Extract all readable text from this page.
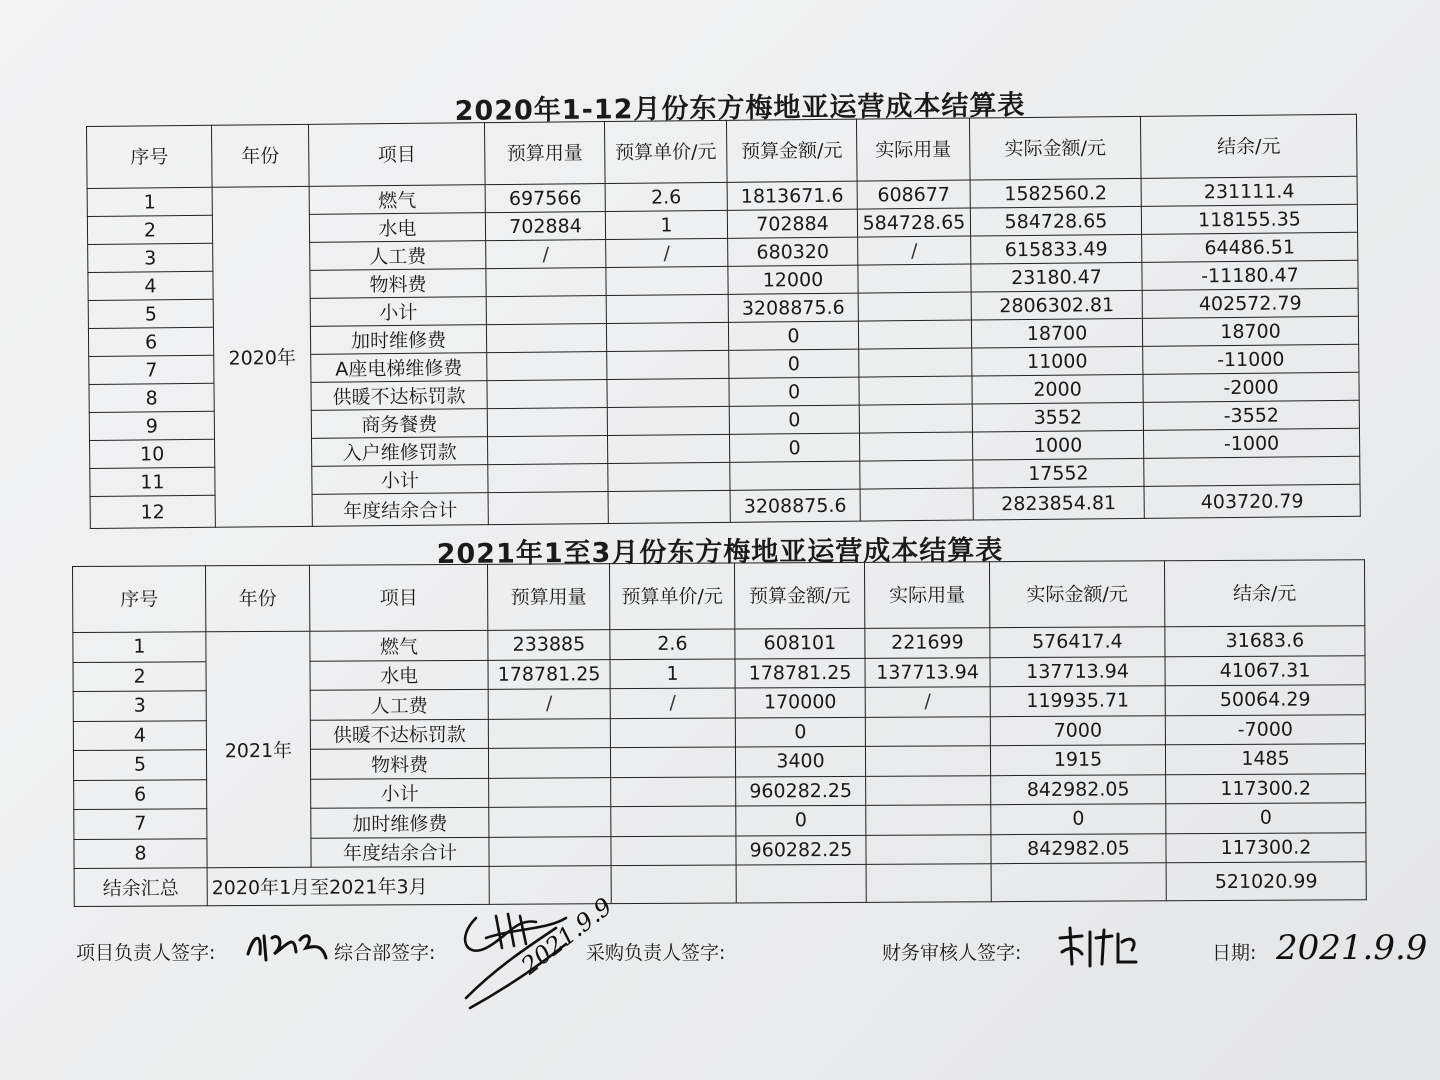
2020年1-12月份东方梅地亚运营成本结算表
序号	年份	项目	预算用量	预算单价/元	预算金额/元	实际用量	实际金额/元	结余/元
1	2020年	燃气	697566	2.6	1813671.6	608677	1582560.2	231111.4
2		水电	702884	1	702884	584728.65	584728.65	118155.35
3		人工费	/	/	680320	/	615833.49	64486.51
4		物料费			12000		23180.47	-11180.47
5		小计			3208875.6		2806302.81	402572.79
6		加时维修费			0		18700	18700
7		A座电梯维修费			0		11000	-11000
8		供暖不达标罚款			0		2000	-2000
9		商务餐费			0		3552	-3552
10		入户维修罚款			0		1000	-1000
11		小计					17552	
12		年度结余合计			3208875.6		2823854.81	403720.79
2021年1至3月份东方梅地亚运营成本结算表
序号	年份	项目	预算用量	预算单价/元	预算金额/元	实际用量	实际金额/元	结余/元
1	2021年	燃气	233885	2.6	608101	221699	576417.4	31683.6
2		水电	178781.25	1	178781.25	137713.94	137713.94	41067.31
3		人工费	/	/	170000	/	119935.71	50064.29
4		供暖不达标罚款			0		7000	-7000
5		物料费			3400		1915	1485
6		小计			960282.25		842982.05	117300.2
7		加时维修费			0		0	0
8		年度结余合计			960282.25		842982.05	117300.2
结余汇总	2020年1月至2021年3月							521020.99
项目负责人签字:	综合部签字:	2021.9.9
采购负责人签字:	财务审核人签字:	日期: 2021.9.9
